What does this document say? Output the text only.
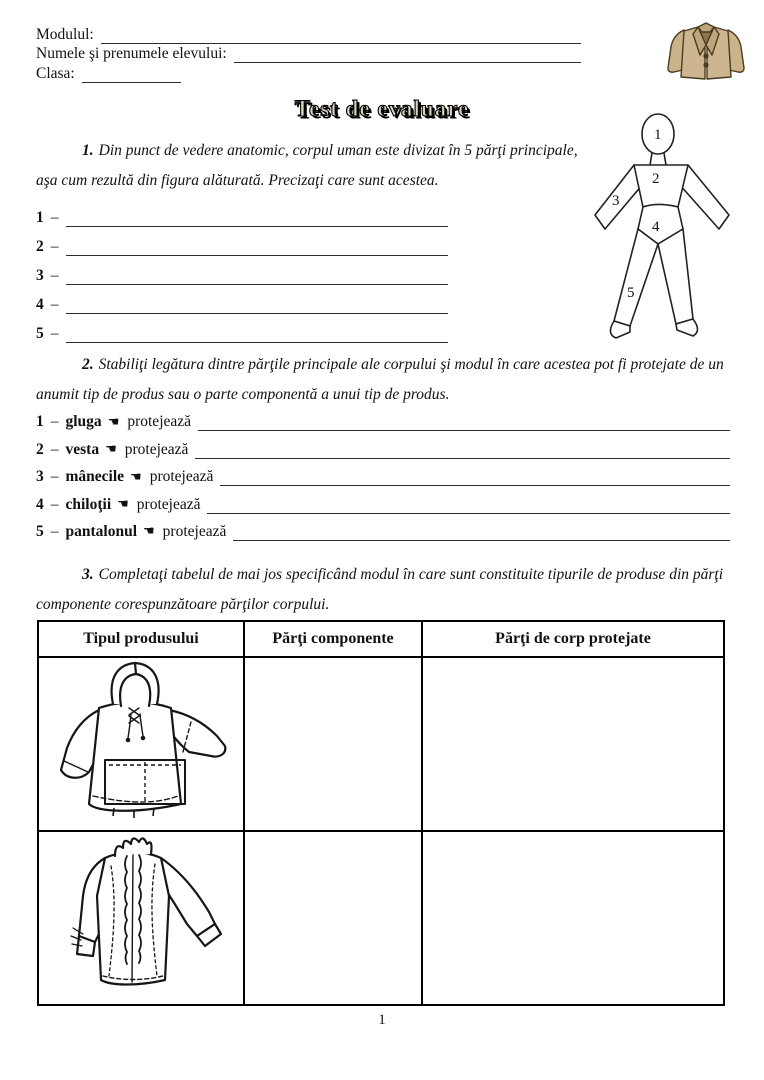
Modulul:
Numele şi prenumele elevului:
Clasa:
Test de evaluare
1. Din punct de vedere anatomic, corpul uman este divizat în 5 părţi principale, aşa cum rezultă din figura alăturată. Precizaţi care sunt acestea.
1 –
2 –
3 –
4 –
5 –
1
2
3
4
5
2. Stabiliţi legătura dintre părţile principale ale corpului şi modul în care acestea pot fi protejate de un anumit tip de produs sau o parte componentă a unui tip de produs.
1 – gluga ☚ protejează
2 – vesta ☚ protejează
3 – mânecile ☚ protejează
4 – chiloţii ☚ protejează
5 – pantalonul ☚ protejează
3. Completaţi tabelul de mai jos specificând modul în care sunt constituite tipurile de produse din părţi componente corespunzătoare părţilor corpului.
Tipul produsului	Părţi componente	Părţi de corp protejate

1
